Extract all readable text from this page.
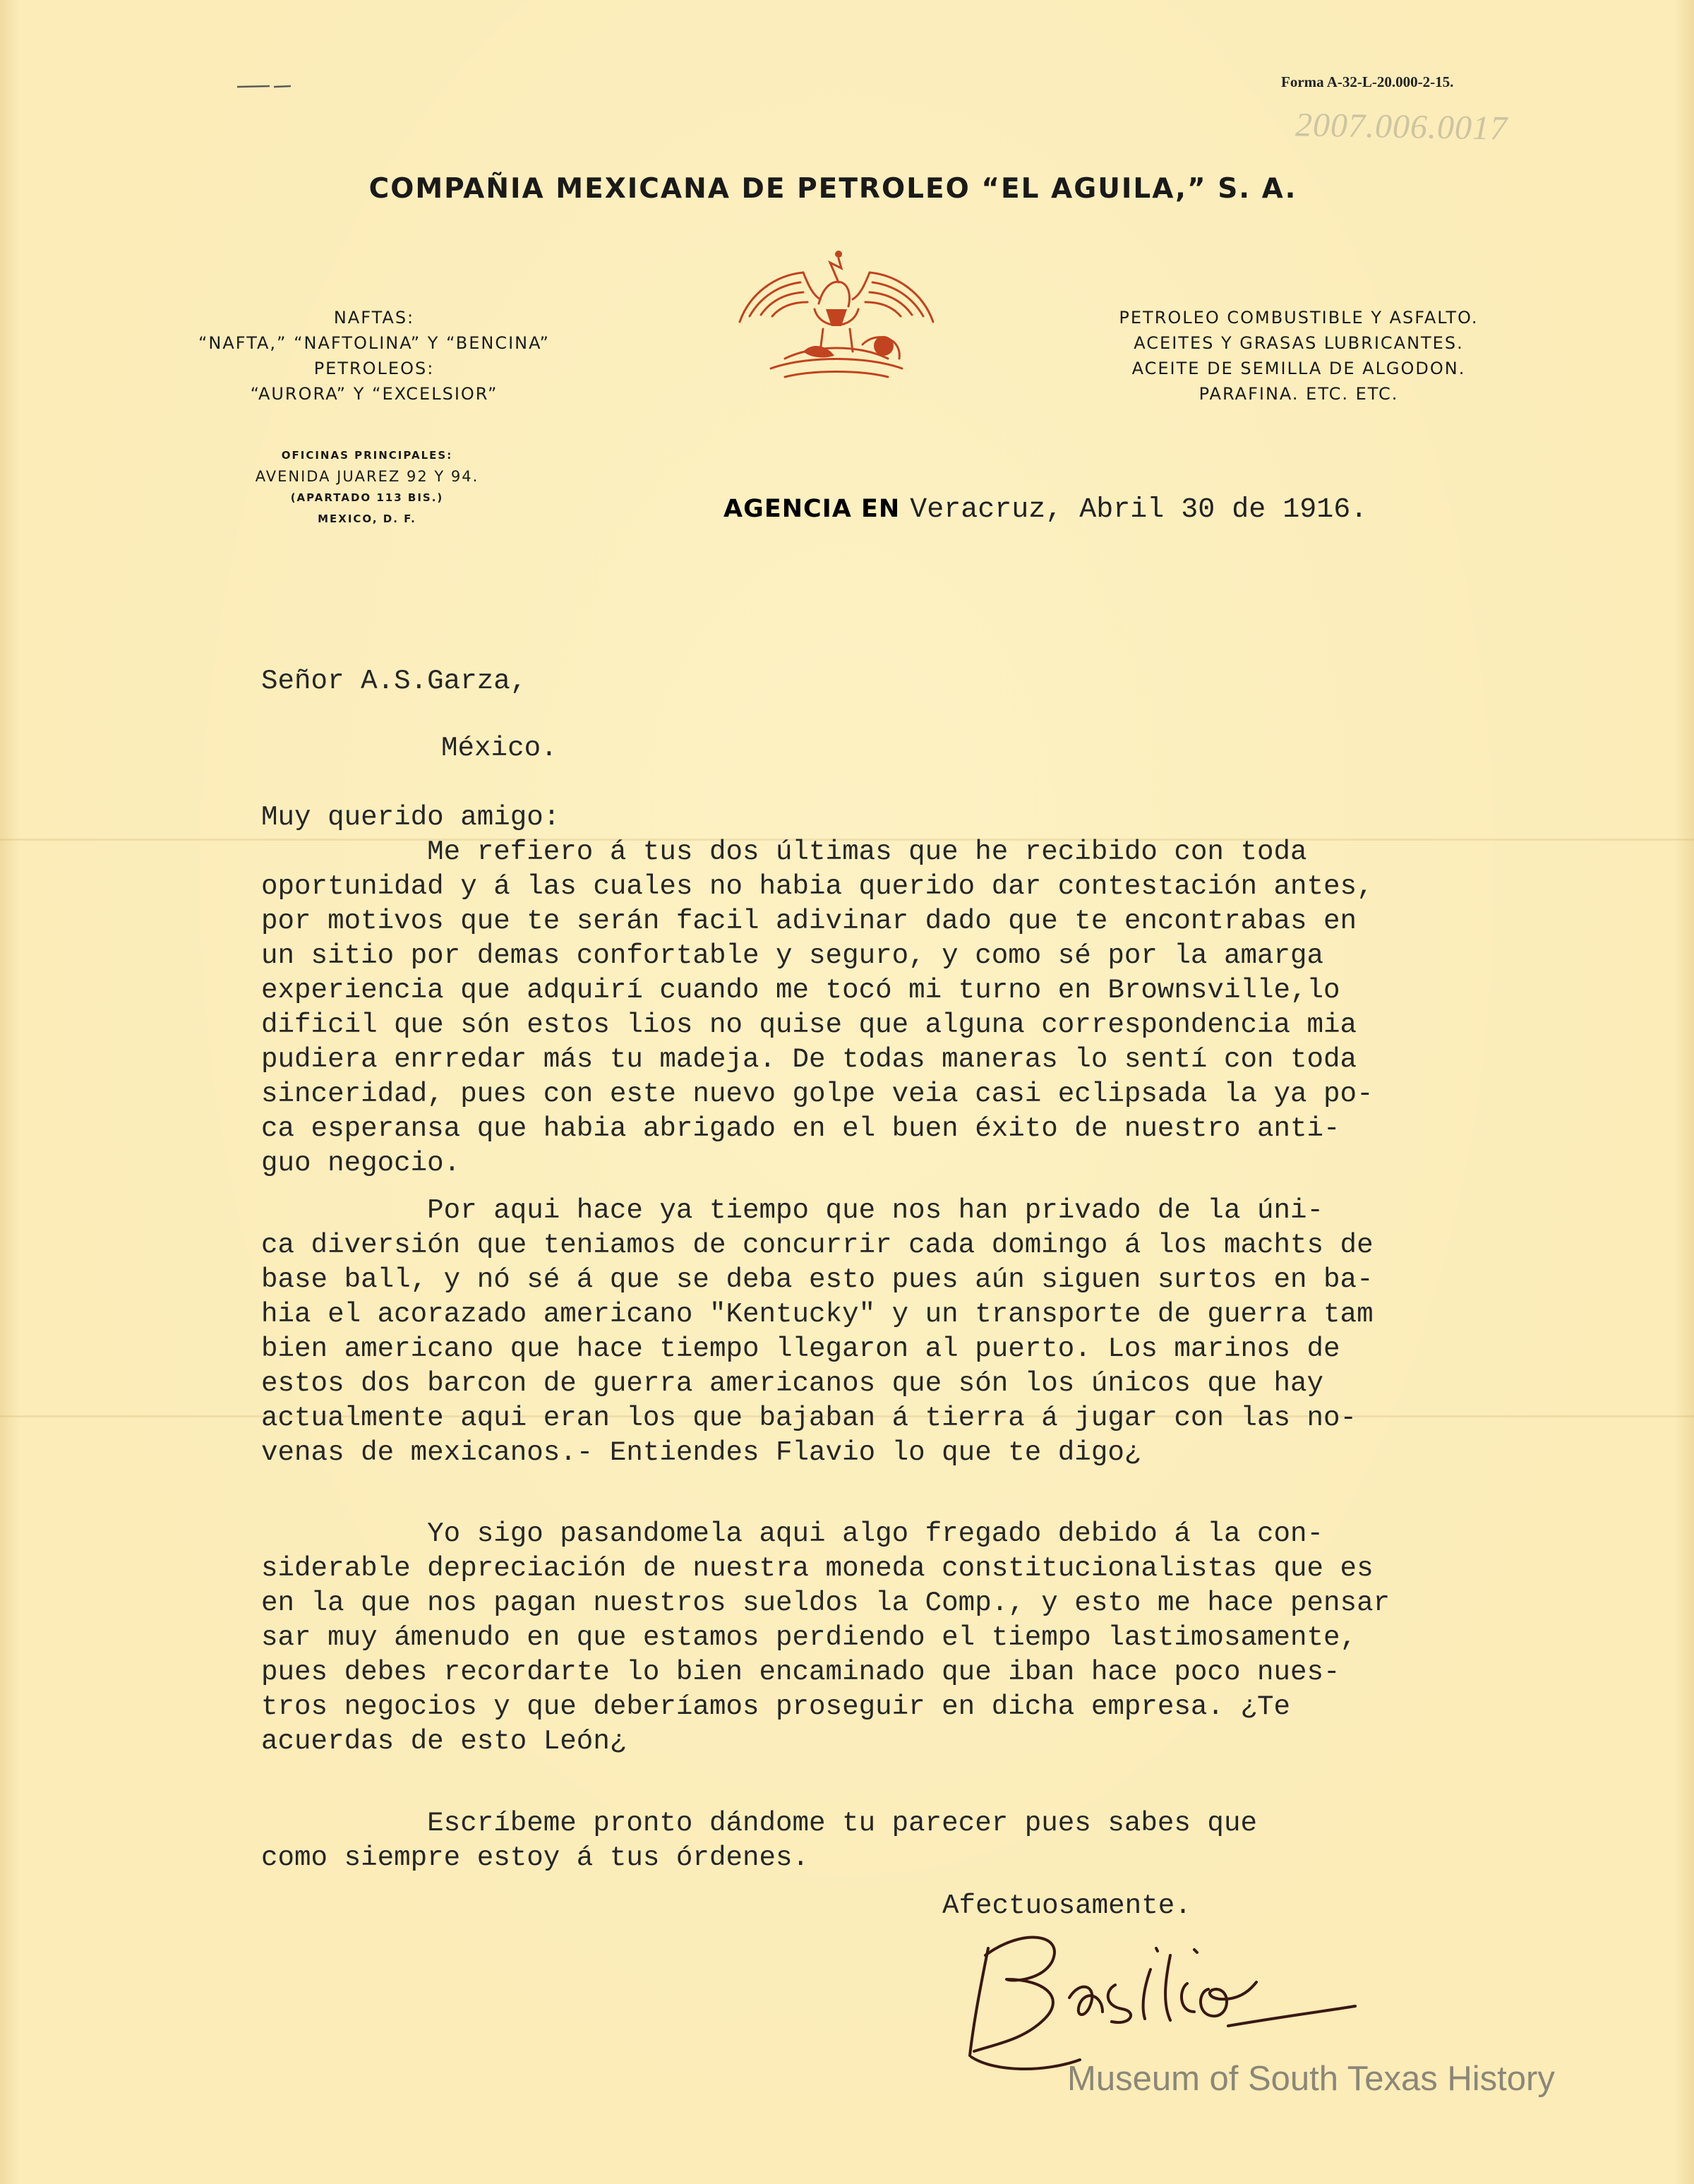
Forma A-32-L-20.000-2-15.
2007.006.0017
COMPAÑIA MEXICANA DE PETROLEO “EL AGUILA,” S. A.
NAFTAS:
“NAFTA,” “NAFTOLINA” Y “BENCINA”
PETROLEOS:
“AURORA” Y “EXCELSIOR”
PETROLEO COMBUSTIBLE Y ASFALTO.
ACEITES Y GRASAS LUBRICANTES.
ACEITE DE SEMILLA DE ALGODON.
PARAFINA. ETC. ETC.
OFICINAS PRINCIPALES:
AVENIDA JUAREZ 92 Y 94.
(APARTADO 113 BIS.)
MEXICO, D. F.	AGENCIA EN Veracruz, Abril 30 de 1916.
Señor A.S.Garza,
México.
Muy querido amigo:
Me refiero á tus dos últimas que he recibido con toda
oportunidad y á las cuales no habia querido dar contestación antes,
por motivos que te serán facil adivinar dado que te encontrabas en
un sitio por demas confortable y seguro, y como sé por la amarga
experiencia que adquirí cuando me tocó mi turno en Brownsville,lo
dificil que són estos lios no quise que alguna correspondencia mia
pudiera enrredar más tu madeja. De todas maneras lo sentí con toda
sinceridad, pues con este nuevo golpe veia casi eclipsada la ya po-
ca esperansa que habia abrigado en el buen éxito de nuestro anti-
guo negocio.
Por aqui hace ya tiempo que nos han privado de la úni-
ca diversión que teniamos de concurrir cada domingo á los machts de
base ball, y nó sé á que se deba esto pues aún siguen surtos en ba-
hia el acorazado americano "Kentucky" y un transporte de guerra tam
bien americano que hace tiempo llegaron al puerto. Los marinos de
estos dos barcon de guerra americanos que són los únicos que hay
actualmente aqui eran los que bajaban á tierra á jugar con las no-
venas de mexicanos.- Entiendes Flavio lo que te digo¿
Yo sigo pasandomela aqui algo fregado debido á la con-
siderable depreciación de nuestra moneda constitucionalistas que es
en la que nos pagan nuestros sueldos la Comp., y esto me hace pensar
sar muy ámenudo en que estamos perdiendo el tiempo lastimosamente,
pues debes recordarte lo bien encaminado que iban hace poco nues-
tros negocios y que deberíamos proseguir en dicha empresa. ¿Te
acuerdas de esto León¿
Escríbeme pronto dándome tu parecer pues sabes que
como siempre estoy á tus órdenes.
Afectuosamente.
Museum of South Texas History
